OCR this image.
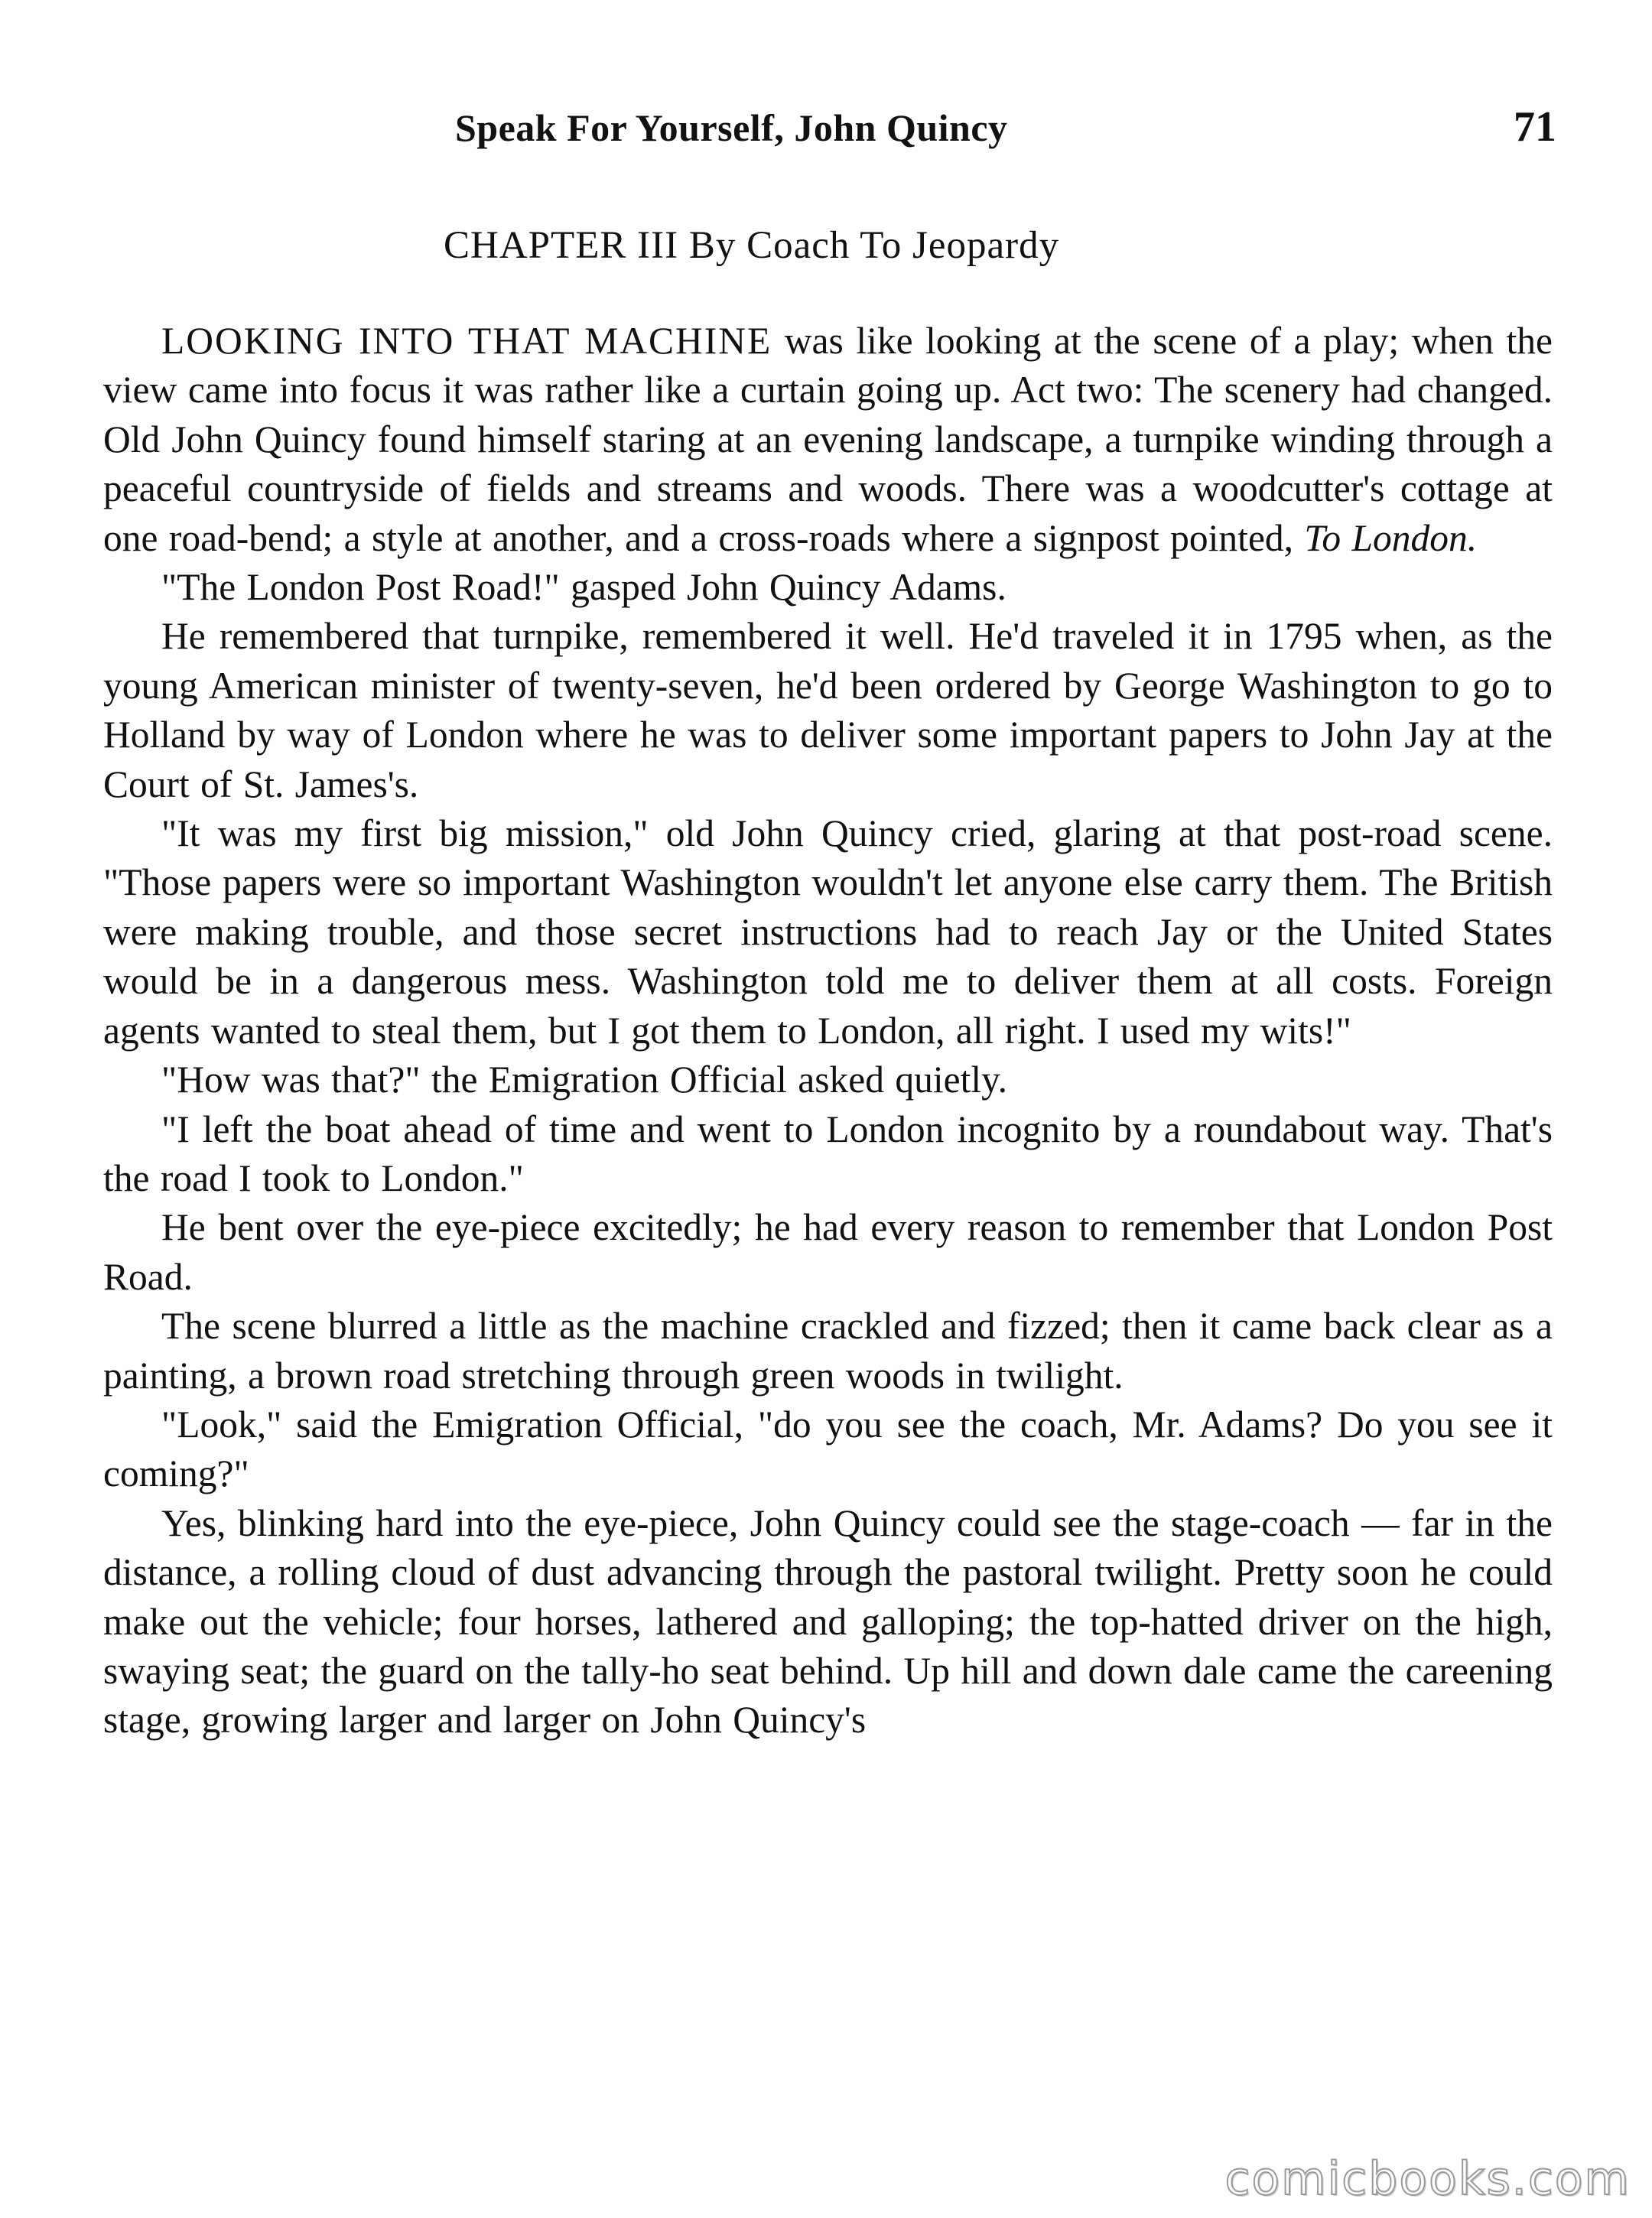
Speak For Yourself, John Quincy	71
CHAPTER III By Coach To Jeopardy

LOOKING INTO THAT MACHINE was like looking at the scene of a play; when the view came into focus it was rather like a curtain going up. Act two: The scenery had changed. Old John Quincy found himself staring at an evening landscape, a turnpike winding through a peaceful countryside of fields and streams and woods. There was a woodcutter's cottage at one road-bend; a style at another, and a cross-roads where a signpost pointed, To London.

"The London Post Road!" gasped John Quincy Adams.

He remembered that turnpike, remembered it well. He'd traveled it in 1795 when, as the young American minister of twenty-seven, he'd been ordered by George Washington to go to Holland by way of London where he was to deliver some important papers to John Jay at the Court of St. James's.

"It was my first big mission," old John Quincy cried, glaring at that post-road scene. "Those papers were so important Washington wouldn't let anyone else carry them. The British were making trouble, and those secret instructions had to reach Jay or the United States would be in a dangerous mess. Washington told me to deliver them at all costs. Foreign agents wanted to steal them, but I got them to London, all right. I used my wits!"

"How was that?" the Emigration Official asked quietly.

"I left the boat ahead of time and went to London incognito by a roundabout way. That's the road I took to London."

He bent over the eye-piece excitedly; he had every reason to remember that London Post Road.

The scene blurred a little as the machine crackled and fizzed; then it came back clear as a painting, a brown road stretching through green woods in twilight.

"Look," said the Emigration Official, "do you see the coach, Mr. Adams? Do you see it coming?"

Yes, blinking hard into the eye-piece, John Quincy could see the stage-coach — far in the distance, a rolling cloud of dust advancing through the pastoral twilight. Pretty soon he could make out the vehicle; four horses, lathered and galloping; the top-hatted driver on the high, swaying seat; the guard on the tally-ho seat behind. Up hill and down dale came the careening stage, growing larger and larger on John Quincy's

comicbooks.com
